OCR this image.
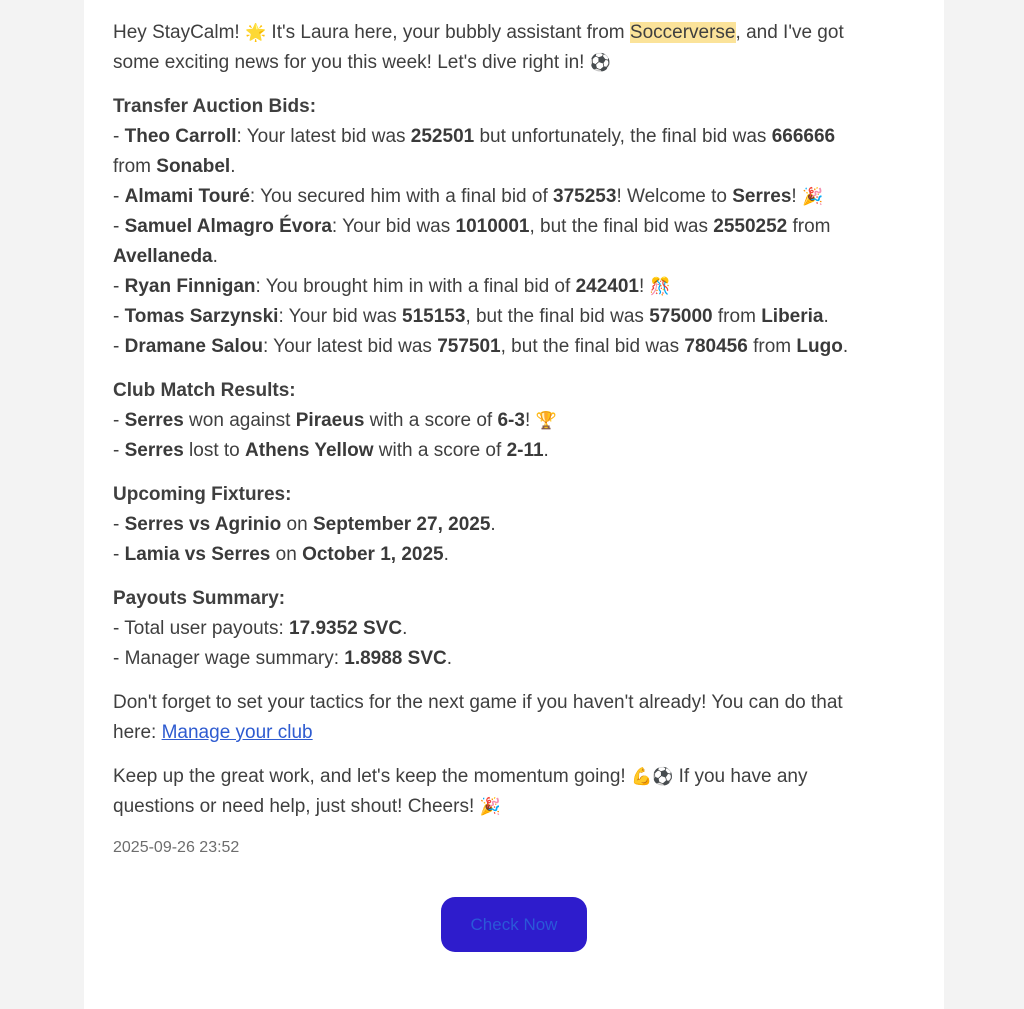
Hey StayCalm! 🌟 It's Laura here, your bubbly assistant from Soccerverse, and I've got
some exciting news for you this week! Let's dive right in! ⚽

Transfer Auction Bids:
- Theo Carroll: Your latest bid was 252501 but unfortunately, the final bid was 666666
from Sonabel.
- Almami Touré: You secured him with a final bid of 375253! Welcome to Serres! 🎉
- Samuel Almagro Évora: Your bid was 1010001, but the final bid was 2550252 from
Avellaneda.
- Ryan Finnigan: You brought him in with a final bid of 242401! 🎊
- Tomas Sarzynski: Your bid was 515153, but the final bid was 575000 from Liberia.
- Dramane Salou: Your latest bid was 757501, but the final bid was 780456 from Lugo.
Club Match Results:
- Serres won against Piraeus with a score of 6-3! 🏆
- Serres lost to Athens Yellow with a score of 2-11.
Upcoming Fixtures:
- Serres vs Agrinio on September 27, 2025.
- Lamia vs Serres on October 1, 2025.
Payouts Summary:
- Total user payouts: 17.9352 SVC.
- Manager wage summary: 1.8988 SVC.

Don't forget to set your tactics for the next game if you haven't already! You can do that
here: Manage your club

Keep up the great work, and let's keep the momentum going! 💪⚽ If you have any
questions or need help, just shout! Cheers! 🎉

2025-09-26 23:52
Check Now
